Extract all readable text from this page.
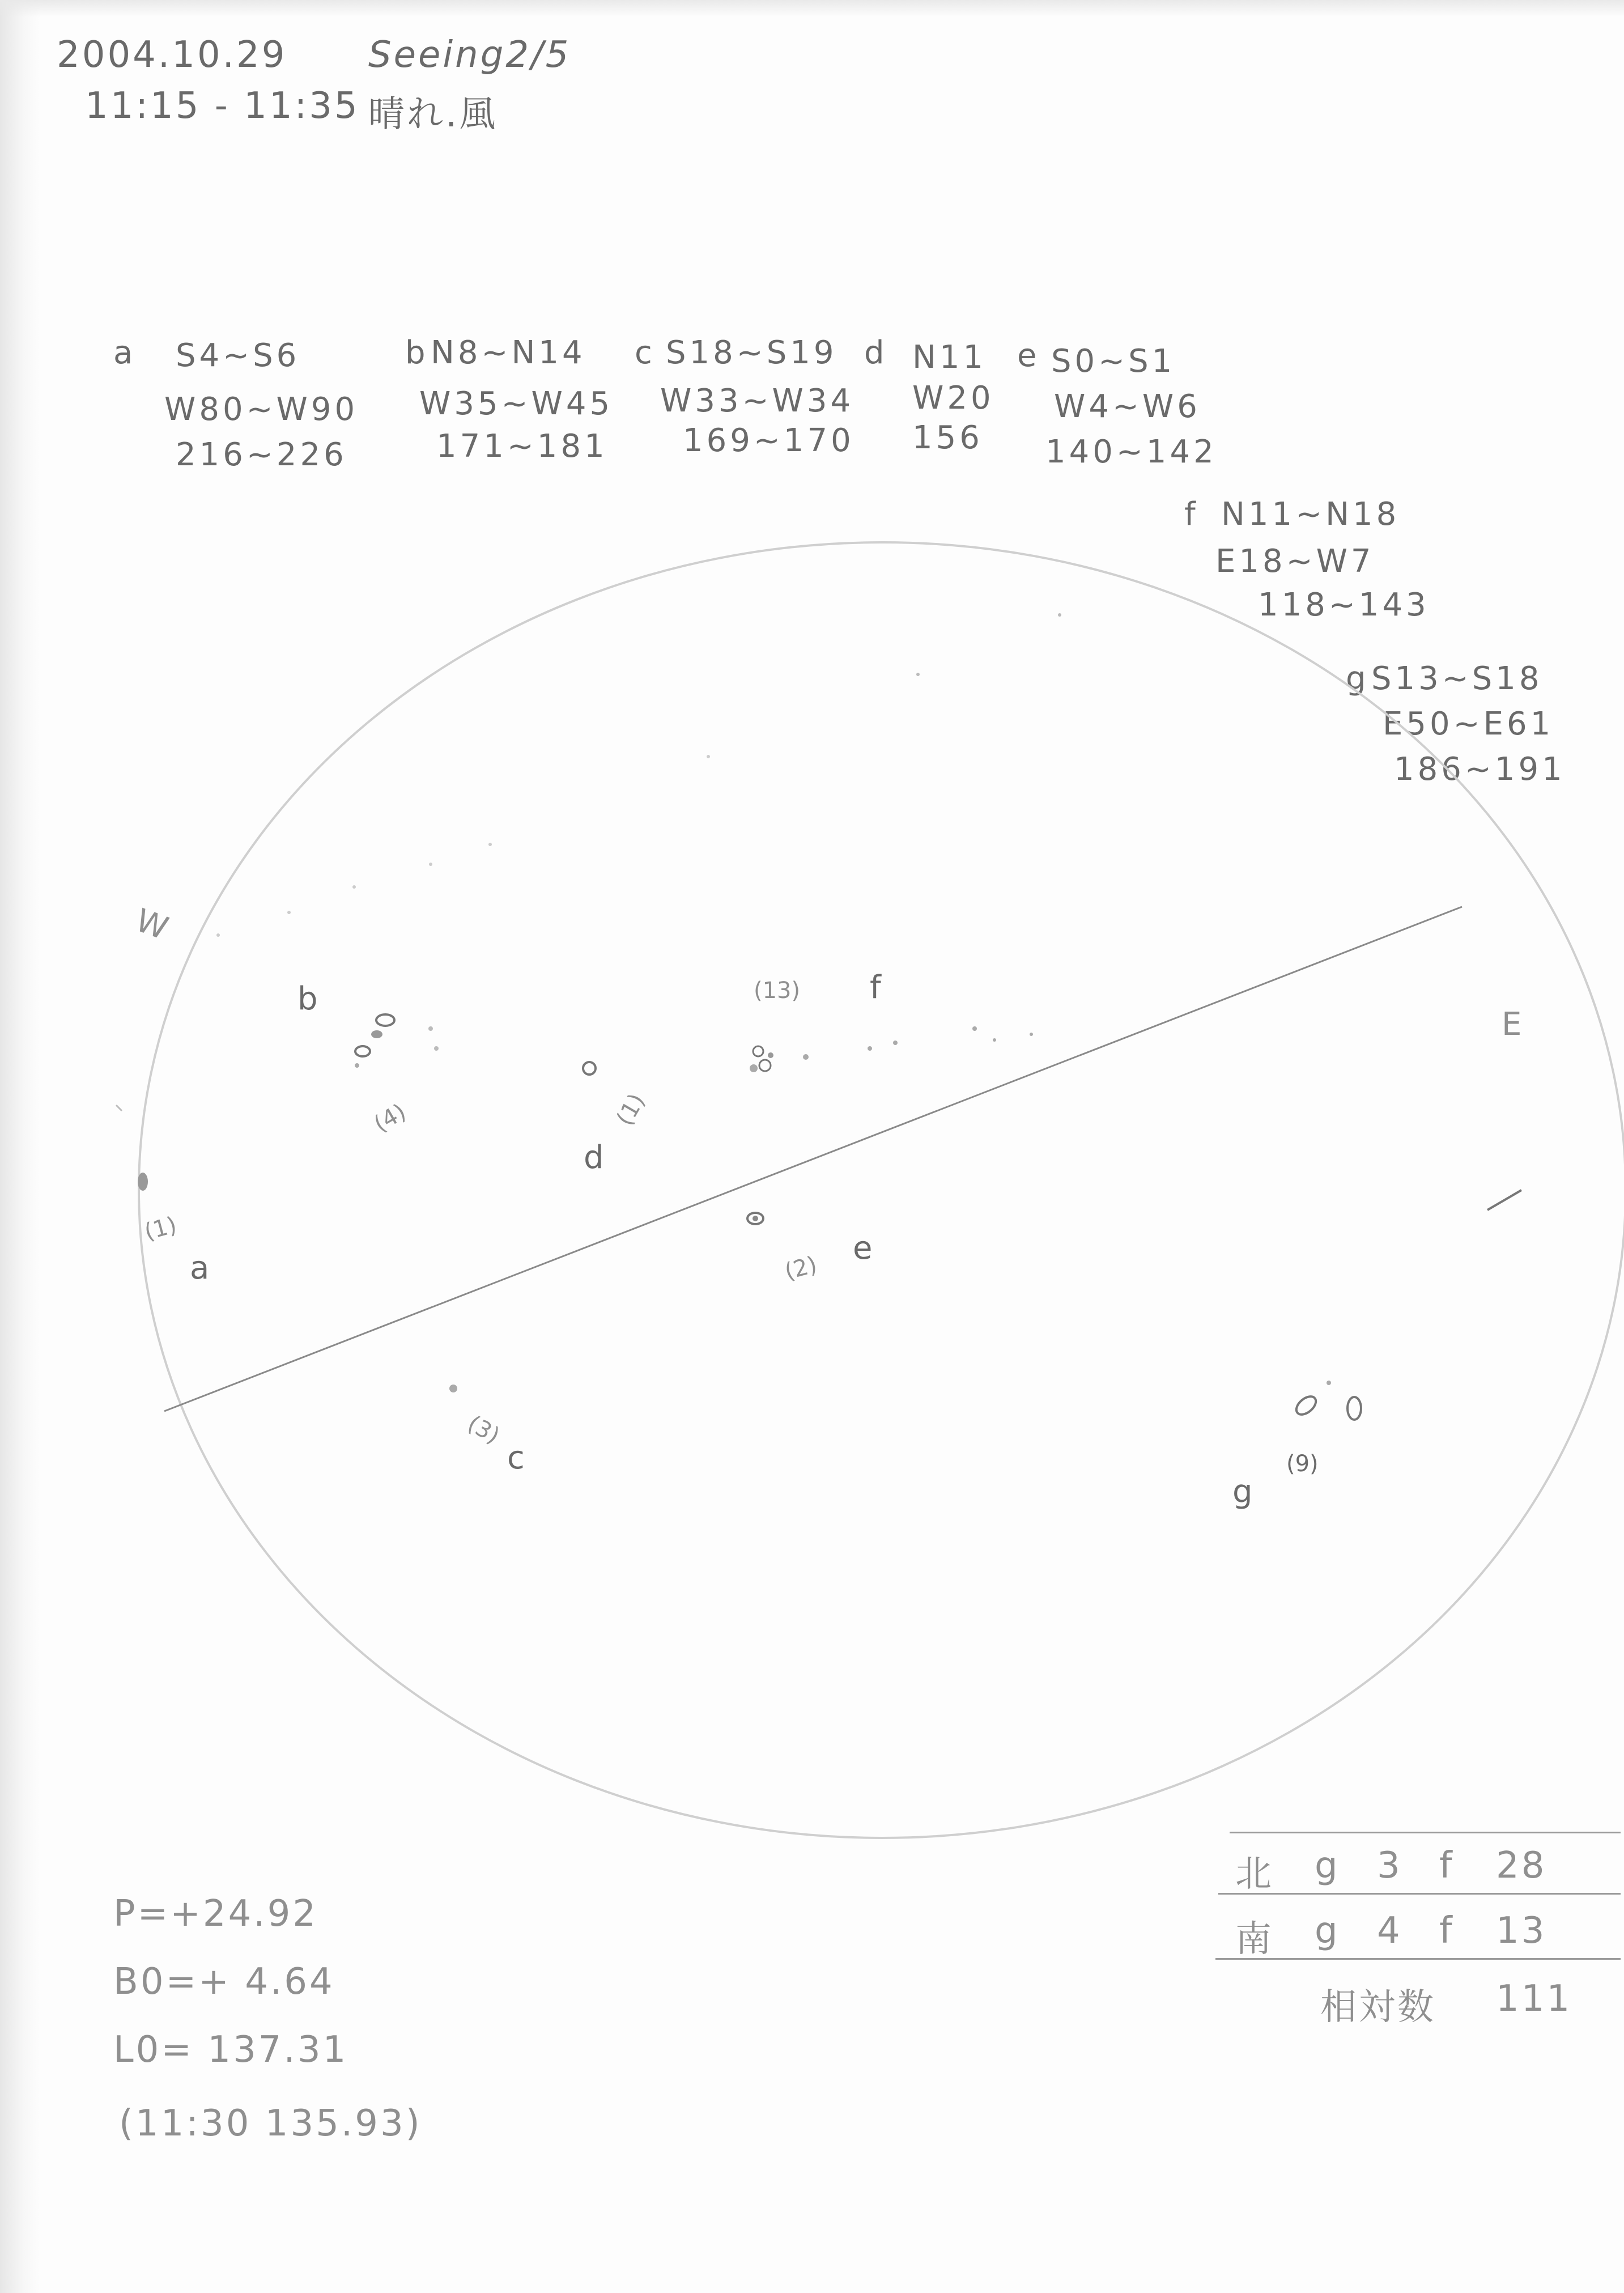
2004.10.29 Seeing2/5
11:15 - 11:35 晴れ.風
a S4~S6
W80~W90
216~226
b N8~N14
W35~W45
171~181
c S18~S19
W33~W34
169~170
d N11
W20
156
e S0~S1
W4~W6
140~142
f N11~N18
E18~W7
118~143
g S13~S18
E50~E61
186~191
W
E
a
b
c
d
e
f
g
(1)
(4)
(3)
(1)
(2)
(13)
(9)
P=+24.92
B0=+ 4.64
L0= 137.31
(11:30 135.93)
北 g 3 f 28
南 g 4 f 13
相対数 111
